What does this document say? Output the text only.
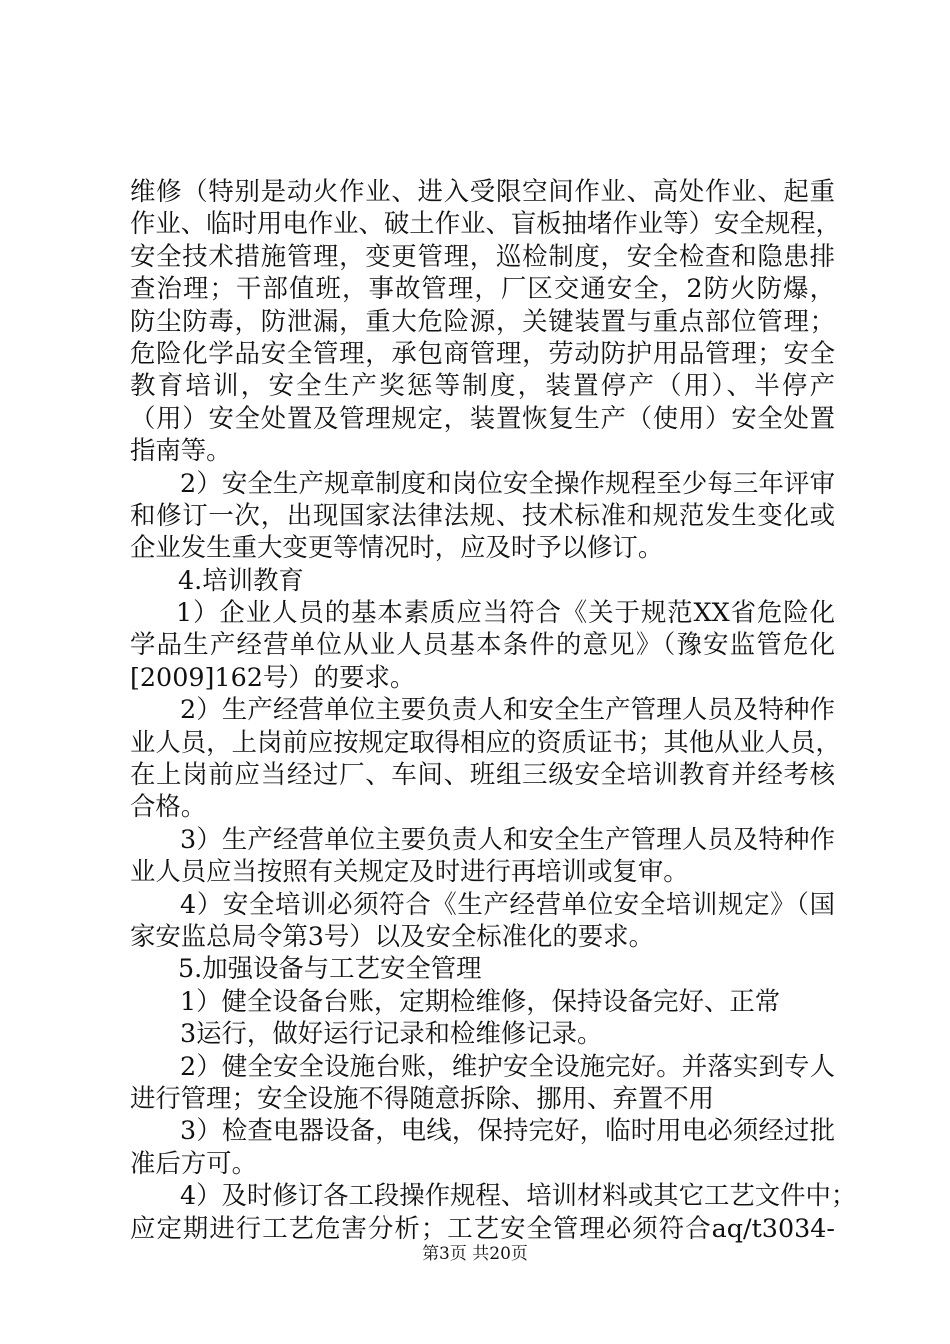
维修（特别是动火作业、进入受限空间作业、高处作业、起重
作业、临时用电作业、破土作业、盲板抽堵作业等）安全规程，
安全技术措施管理，变更管理，巡检制度，安全检查和隐患排
查治理；干部值班，事故管理，厂区交通安全，2防火防爆，
防尘防毒，防泄漏，重大危险源，关键装置与重点部位管理；
危险化学品安全管理，承包商管理，劳动防护用品管理；安全
教育培训，安全生产奖惩等制度，装置停产（用）、半停产
（用）安全处置及管理规定，装置恢复生产（使用）安全处置
指南等。
2）安全生产规章制度和岗位安全操作规程至少每三年评审
和修订一次，出现国家法律法规、技术标准和规范发生变化或
企业发生重大变更等情况时，应及时予以修订。
4.培训教育
1）企业人员的基本素质应当符合《关于规范XX省危险化
学品生产经营单位从业人员基本条件的意见》（豫安监管危化
[2009]162号）的要求。
2）生产经营单位主要负责人和安全生产管理人员及特种作
业人员，上岗前应按规定取得相应的资质证书；其他从业人员，
在上岗前应当经过厂、车间、班组三级安全培训教育并经考核
合格。
3）生产经营单位主要负责人和安全生产管理人员及特种作
业人员应当按照有关规定及时进行再培训或复审。
4）安全培训必须符合《生产经营单位安全培训规定》（国
家安监总局令第3号）以及安全标准化的要求。
5.加强设备与工艺安全管理
1）健全设备台账，定期检维修，保持设备完好、正常
3运行，做好运行记录和检维修记录。
2）健全安全设施台账，维护安全设施完好。并落实到专人
进行管理；安全设施不得随意拆除、挪用、弃置不用
3）检查电器设备，电线，保持完好，临时用电必须经过批
准后方可。
4）及时修订各工段操作规程、培训材料或其它工艺文件中；
应定期进行工艺危害分析；工艺安全管理必须符合aq/t3034-
第3页 共20页
